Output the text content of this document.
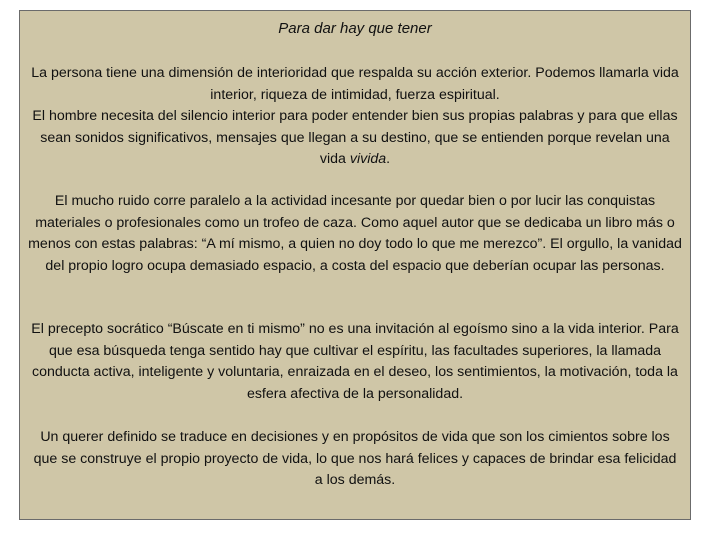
Para dar hay que tener

La persona tiene una dimensión de interioridad que respalda su acción exterior. Podemos llamarla vida interior, riqueza de intimidad, fuerza espiritual.
El hombre necesita del silencio interior para poder entender bien sus propias palabras y para que ellas sean sonidos significativos, mensajes que llegan a su destino, que se entienden porque revelan una vida vivida.

El mucho ruido corre paralelo a la actividad incesante por quedar bien o por lucir las conquistas materiales o profesionales como un trofeo de caza. Como aquel autor que se dedicaba un libro más o menos con estas palabras: “A mí mismo, a quien no doy todo lo que me merezco”. El orgullo, la vanidad del propio logro ocupa demasiado espacio, a costa del espacio que deberían ocupar las personas.

El precepto socrático “Búscate en ti mismo” no es una invitación al egoísmo sino a la vida interior. Para que esa búsqueda tenga sentido hay que cultivar el espíritu, las facultades superiores, la llamada conducta activa, inteligente y voluntaria, enraizada en el deseo, los sentimientos, la motivación, toda la esfera afectiva de la personalidad.

Un querer definido se traduce en decisiones y en propósitos de vida que son los cimientos sobre los que se construye el propio proyecto de vida, lo que nos hará felices y capaces de brindar esa felicidad a los demás.
